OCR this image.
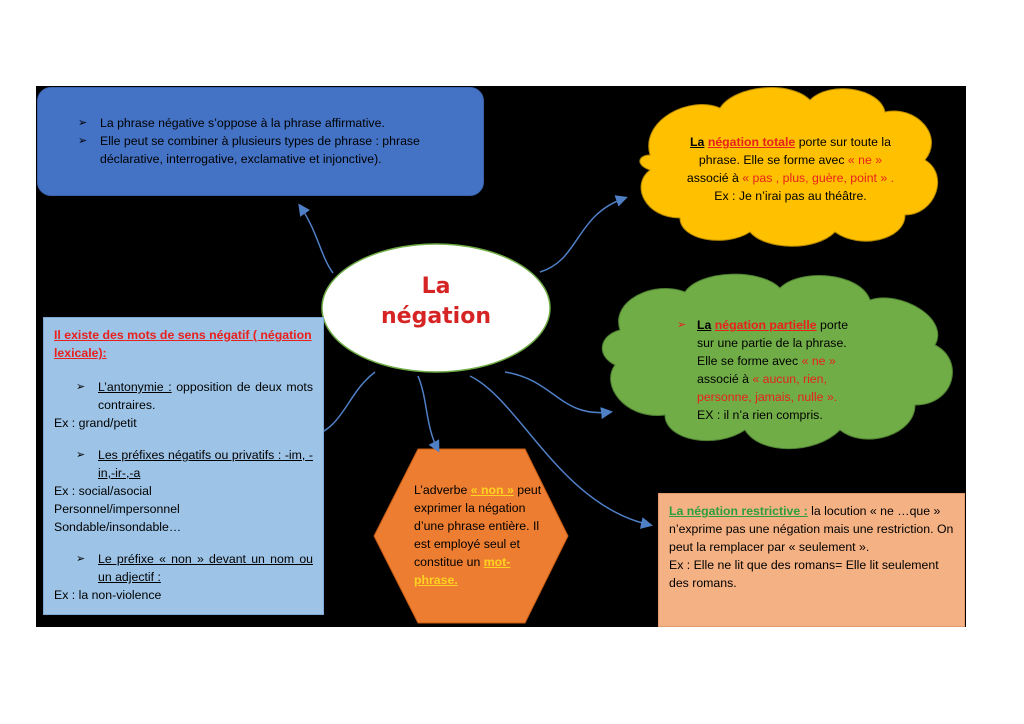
➢ La phrase négative s’oppose à la phrase affirmative.
➢ Elle peut se combiner à plusieurs types de phrase : phrase déclarative, interrogative, exclamative et injonctive).
La négation totale porte sur toute la phrase. Elle se forme avec « ne » associé à « pas , plus, guère, point » .
Ex : Je n’irai pas au théâtre.
➢ La négation partielle porte sur une partie de la phrase. Elle se forme avec « ne » associé à « aucun, rien, personne, jamais, nulle ».
EX : il n’a rien compris.
La
négation
Il existe des mots de sens négatif ( négation lexicale):
L’antonymie : opposition de deux mots contraires.
Ex : grand/petit
Les préfixes négatifs ou privatifs : -im, -in,-ir-,-a
Ex : social/asocial
Personnel/impersonnel
Sondable/insondable…
Le préfixe « non » devant un nom ou un adjectif :
Ex : la non-violence
L’adverbe « non » peut exprimer la négation d’une phrase entière. Il est employé seul et constitue un mot-phrase.
La négation restrictive : la locution « ne …que » n’exprime pas une négation mais une restriction. On peut la remplacer par « seulement ».
Ex : Elle ne lit que des romans= Elle lit seulement des romans.
